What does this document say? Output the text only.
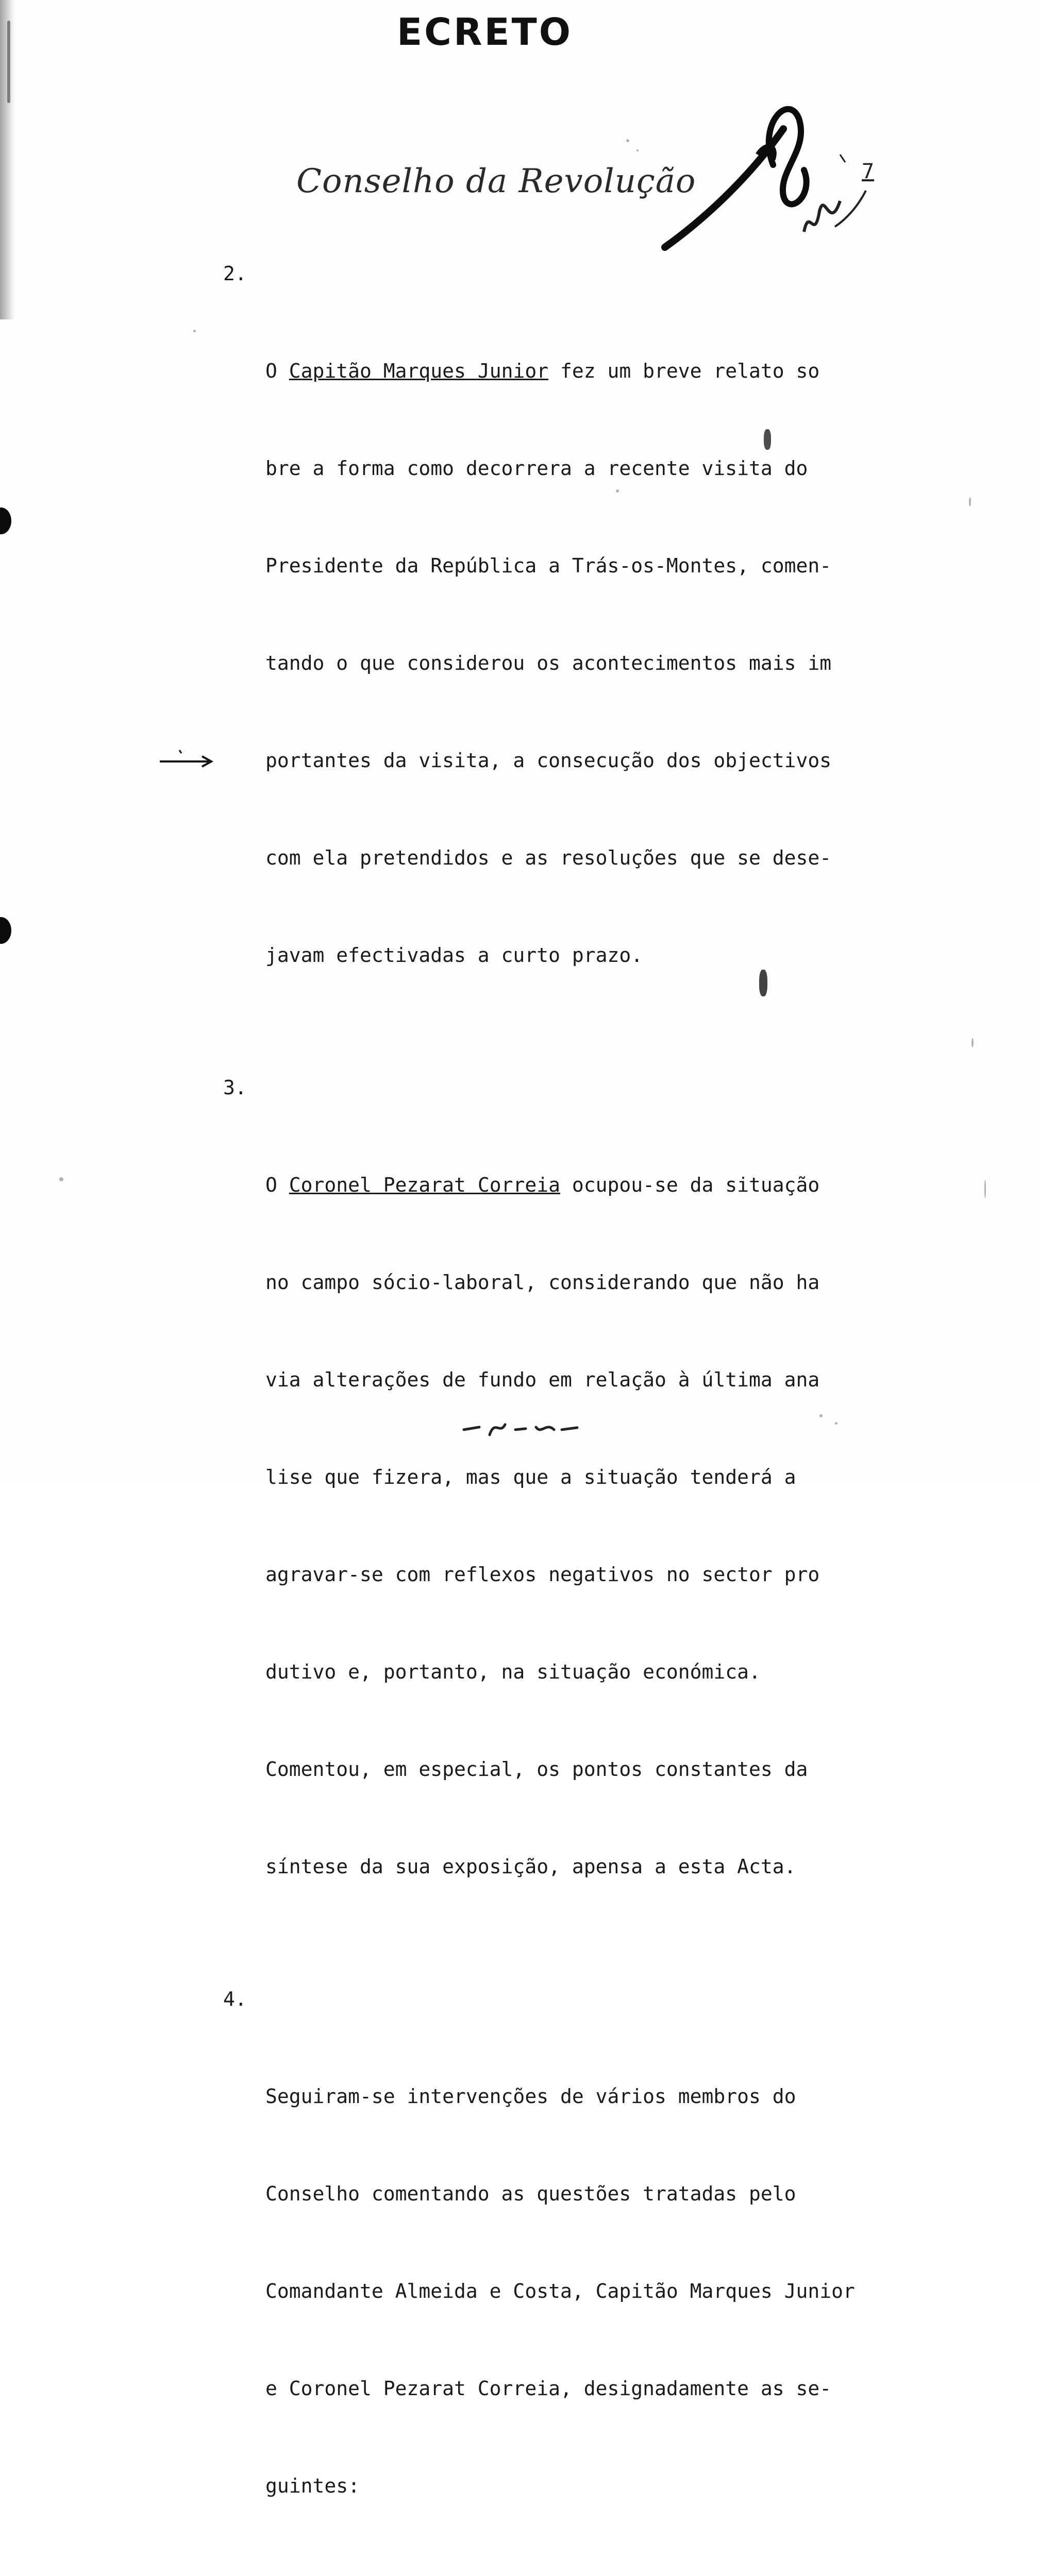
ECRETO
Conselho da Revolução	7

2.

O Capitão Marques Junior fez um breve relato so

bre a forma como decorrera a recente visita do

Presidente da República a Trás-os-Montes, comen-

tando o que considerou os acontecimentos mais im

portantes da visita, a consecução dos objectivos

com ela pretendidos e as resoluções que se dese-

javam efectivadas a curto prazo.

3.

O Coronel Pezarat Correia ocupou-se da situação

no campo sócio-laboral, considerando que não ha

via alterações de fundo em relação à última ana

lise que fizera, mas que a situação tenderá a

agravar-se com reflexos negativos no sector pro

dutivo e, portanto, na situação económica.

Comentou, em especial, os pontos constantes da

síntese da sua exposição, apensa a esta Acta.

4.

Seguiram-se intervenções de vários membros do

Conselho comentando as questões tratadas pelo

Comandante Almeida e Costa, Capitão Marques Junior

e Coronel Pezarat Correia, designadamente as se-

guintes:
